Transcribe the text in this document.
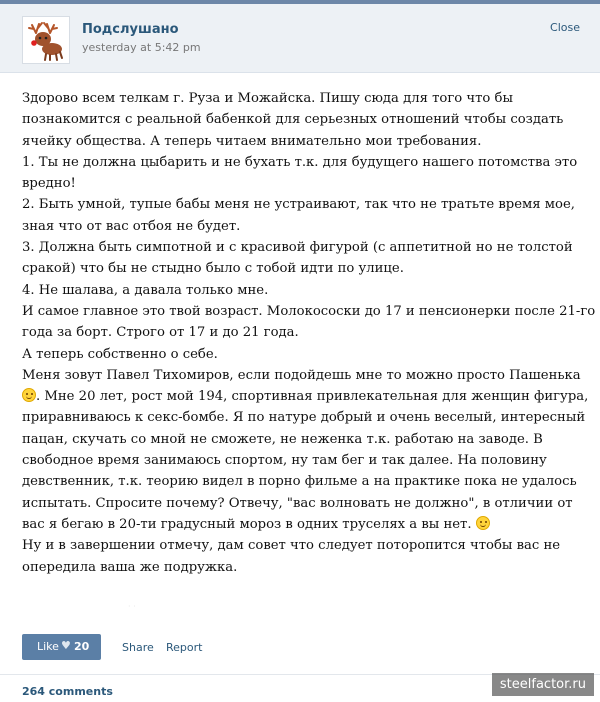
Подслушано
yesterday at 5:42 pm
Close
Здорово всем телкам г. Руза и Можайска. Пишу сюда для того что бы
познакомится с реальной бабенкой для серьезных отношений чтобы создать
ячейку общества. А теперь читаем внимательно мои требования.
1. Ты не должна цыбарить и не бухать т.к. для будущего нашего потомства это
вредно!
2. Быть умной, тупые бабы меня не устраивают, так что не тратьте время мое,
зная что от вас отбоя не будет.
3. Должна быть симпотной и с красивой фигурой (с аппетитной но не толстой
сракой) что бы не стыдно было с тобой идти по улице.
4. Не шалава, а давала только мне.
И самое главное это твой возраст. Молокососки до 17 и пенсионерки после 21-го
года за борт. Строго от 17 и до 21 года.
А теперь собственно о себе.
Меня зовут Павел Тихомиров, если подойдешь мне то можно просто Пашенька
. Мне 20 лет, рост мой 194, спортивная привлекательная для женщин фигура,
приравниваюсь к секс-бомбе. Я по натуре добрый и очень веселый, интересный
пацан, скучать со мной не сможете, не неженка т.к. работаю на заводе. В
свободное время занимаюсь спортом, ну там бег и так далее. На половину
девственник, т.к. теорию видел в порно фильме а на практике пока не удалось
испытать. Спросите почему? Отвечу, "вас волновать не должно", в отличии от
вас я бегаю в 20-ти градусный мороз в одних труселях а вы нет.
Ну и в завершении отмечу, дам совет что следует поторопится чтобы вас не
опередила ваша же подружка.
· ·
Like ♥ 20	Share Report
264 comments	steelfactor.ru
